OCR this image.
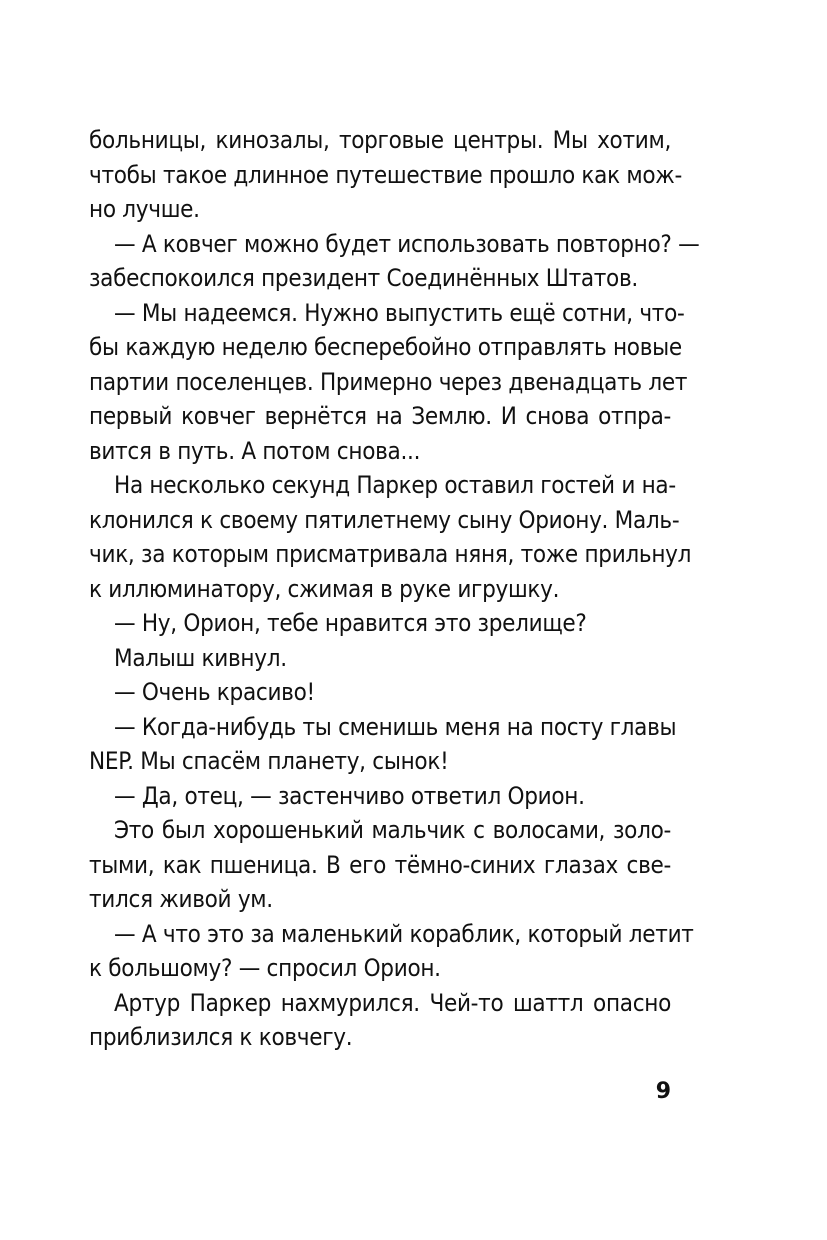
больницы, кинозалы, торговые центры. Мы хотим,
чтобы такое длинное путешествие прошло как мож-
но лучше.
— А ковчег можно будет использовать повторно? —
забеспокоился президент Соединённых Штатов.
— Мы надеемся. Нужно выпустить ещё сотни, что-
бы каждую неделю бесперебойно отправлять новые
партии поселенцев. Примерно через двенадцать лет
первый ковчег вернётся на Землю. И снова отпра-
вится в путь. А потом снова...
На несколько секунд Паркер оставил гостей и на-
клонился к своему пятилетнему сыну Ориону. Маль-
чик, за которым присматривала няня, тоже прильнул
к иллюминатору, сжимая в руке игрушку.
— Ну, Орион, тебе нравится это зрелище?
Малыш кивнул.
— Очень красиво!
— Когда-нибудь ты сменишь меня на посту главы
NEP. Мы спасём планету, сынок!
— Да, отец, — застенчиво ответил Орион.
Это был хорошенький мальчик с волосами, золо-
тыми, как пшеница. В его тёмно-синих глазах све-
тился живой ум.
— А что это за маленький кораблик, который летит
к большому? — спросил Орион.
Артур Паркер нахмурился. Чей-то шаттл опасно
приблизился к ковчегу.
9
